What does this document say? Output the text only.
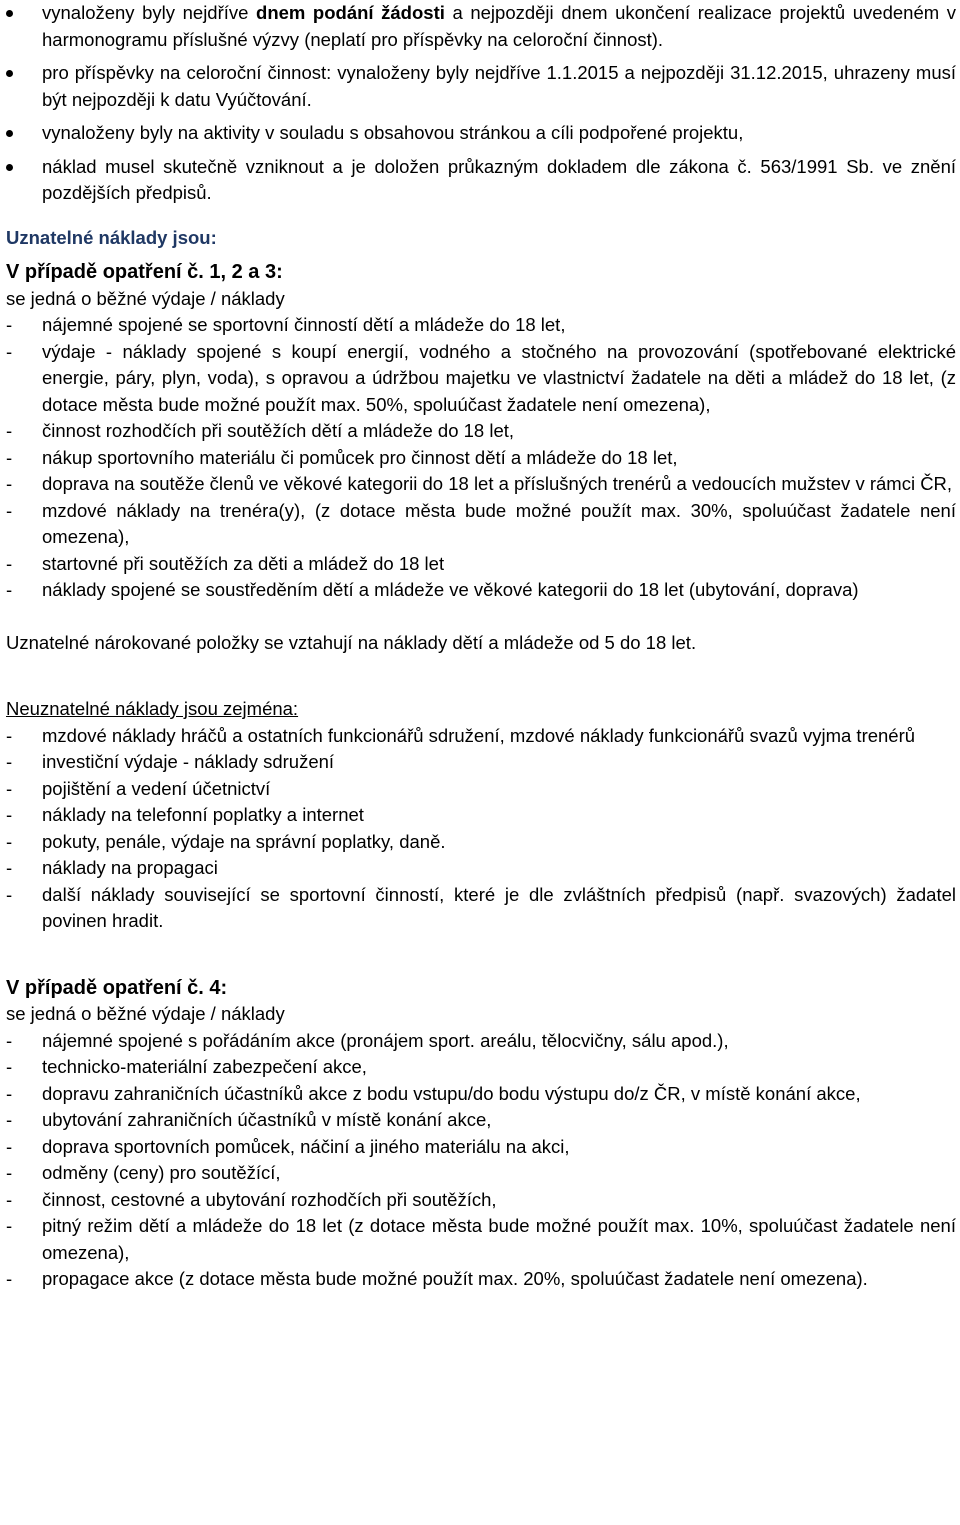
vynaloženy byly nejdříve dnem podání žádosti a nejpozději dnem ukončení realizace projektů uvedeném v harmonogramu příslušné výzvy (neplatí pro příspěvky na celoroční činnost).
pro příspěvky na celoroční činnost: vynaloženy byly nejdříve 1.1.2015 a nejpozději 31.12.2015, uhrazeny musí být nejpozději k datu Vyúčtování.
vynaloženy byly na aktivity v souladu s obsahovou stránkou a cíli podpořené projektu,
náklad musel skutečně vzniknout a je doložen průkazným dokladem dle zákona č. 563/1991 Sb. ve znění pozdějších předpisů.
Uznatelné náklady jsou:
V případě opatření č. 1, 2 a 3:
se jedná o běžné výdaje / náklady
- nájemné spojené se sportovní činností dětí a mládeže do 18 let,
- výdaje - náklady spojené s koupí energií, vodného a stočného na provozování (spotřebované elektrické energie, páry, plyn, voda), s opravou a údržbou majetku ve vlastnictví žadatele na děti a mládež do 18 let, (z dotace města bude možné použít max. 50%, spoluúčast žadatele není omezena),
- činnost rozhodčích při soutěžích dětí a mládeže do 18 let,
- nákup sportovního materiálu či pomůcek pro činnost dětí a mládeže do 18 let,
- doprava na soutěže členů ve věkové kategorii do 18 let a příslušných trenérů a vedoucích mužstev v rámci ČR,
- mzdové náklady na trenéra(y), (z dotace města bude možné použít max. 30%, spoluúčast žadatele není omezena),
- startovné při soutěžích za děti a mládež do 18 let
- náklady spojené se soustředěním dětí a mládeže ve věkové kategorii do 18 let (ubytování, doprava)
Uznatelné nárokované položky se vztahují na náklady dětí a mládeže od 5 do 18 let.
Neuznatelné náklady jsou zejména:
- mzdové náklady hráčů a ostatních funkcionářů sdružení, mzdové náklady funkcionářů svazů vyjma trenérů
- investiční výdaje - náklady sdružení
- pojištění a vedení účetnictví
- náklady na telefonní poplatky a internet
- pokuty, penále, výdaje na správní poplatky, daně.
- náklady na propagaci
- další náklady související se sportovní činností, které je dle zvláštních předpisů (např. svazových) žadatel povinen hradit.
V případě opatření č. 4:
se jedná o běžné výdaje / náklady
- nájemné spojené s pořádáním akce (pronájem sport. areálu, tělocvičny, sálu apod.),
- technicko-materiální zabezpečení akce,
- dopravu zahraničních účastníků akce z bodu vstupu/do bodu výstupu do/z ČR, v místě konání akce,
- ubytování zahraničních účastníků v místě konání akce,
- doprava sportovních pomůcek, náčiní a jiného materiálu na akci,
- odměny (ceny) pro soutěžící,
- činnost, cestovné a ubytování rozhodčích při soutěžích,
- pitný režim dětí a mládeže do 18 let (z dotace města bude možné použít max. 10%, spoluúčast žadatele není omezena),
- propagace akce (z dotace města bude možné použít max. 20%, spoluúčast žadatele není omezena).
